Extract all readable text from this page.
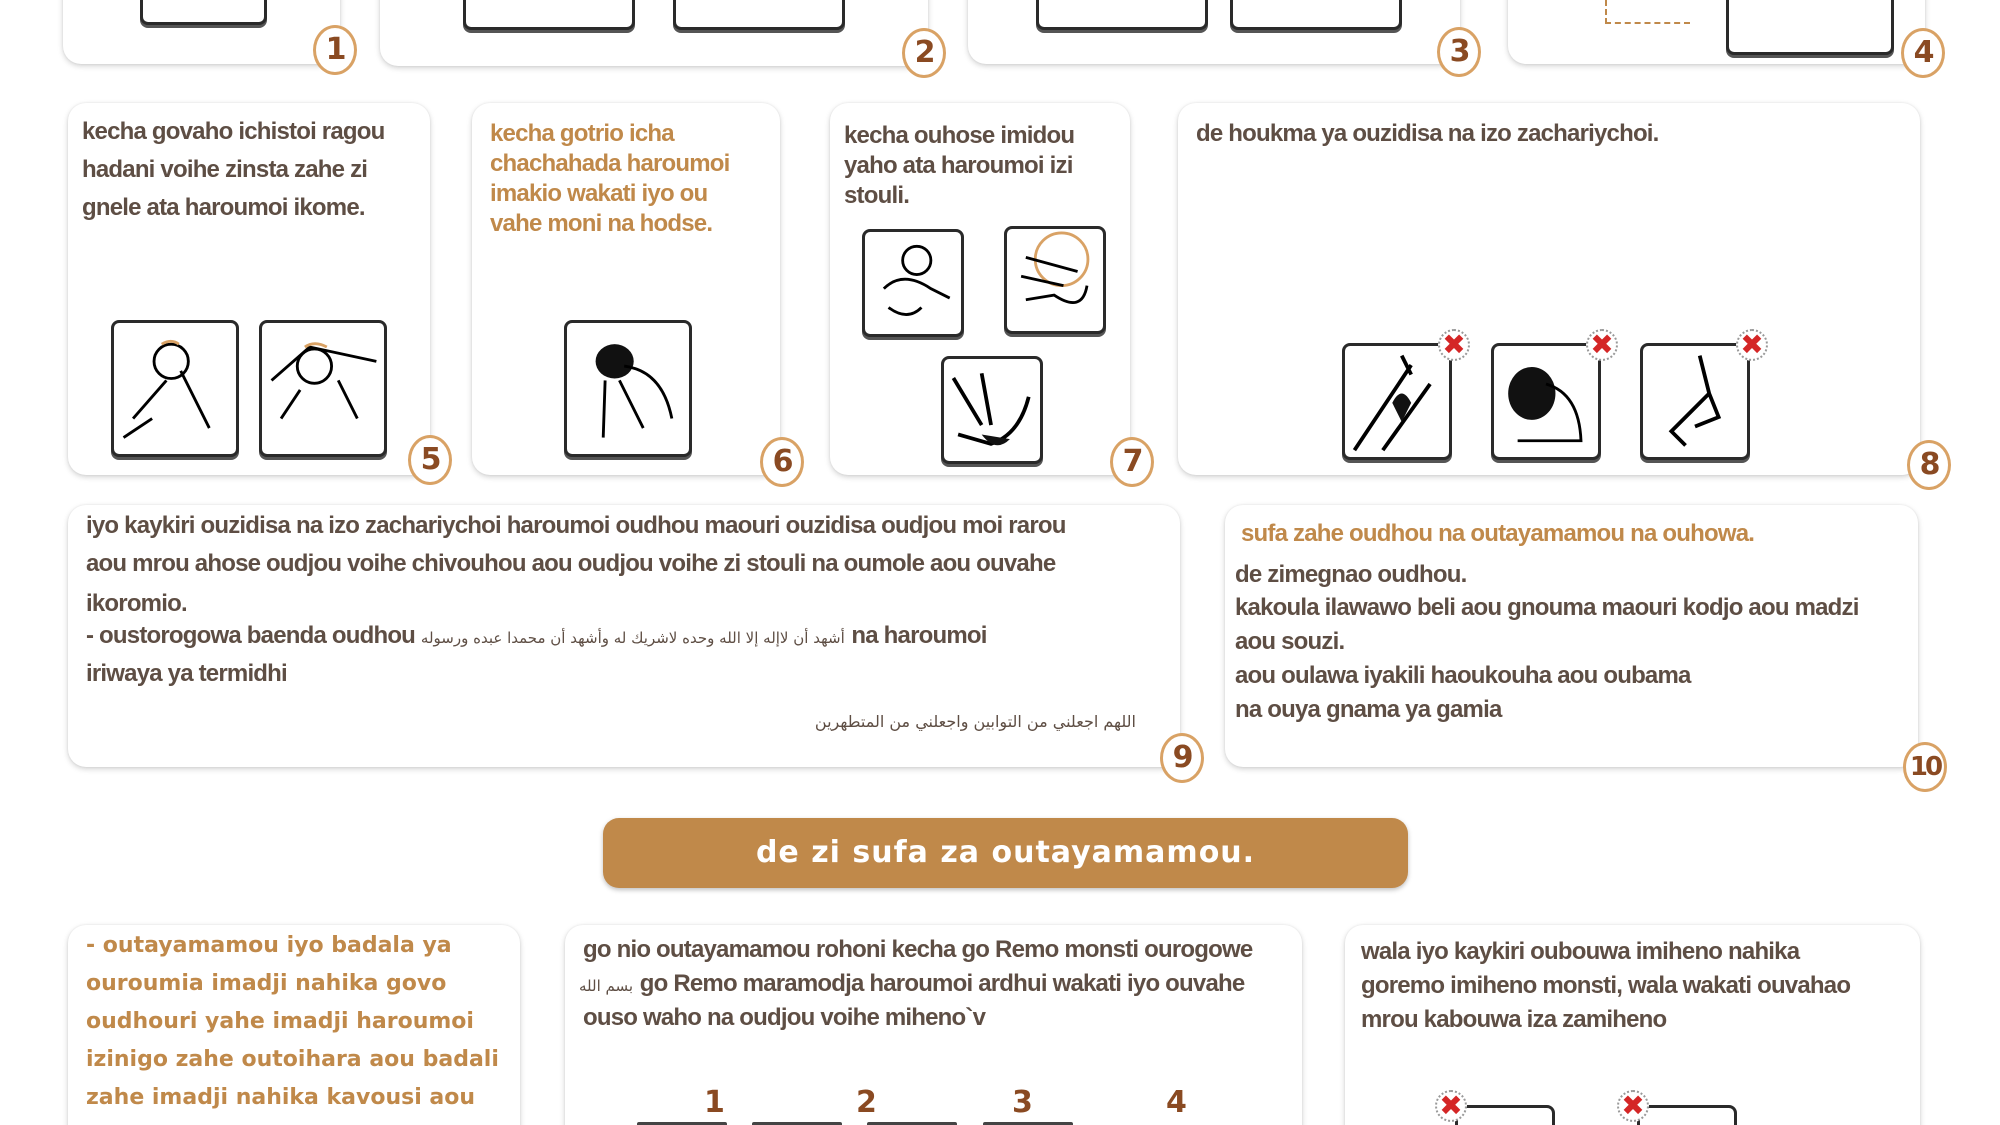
1	2	3	4
kecha govaho ichistoi ragou hadani voihe zinsta zahe zi gnele ata haroumoi ikome.
5
kecha gotrio icha chachahada haroumoi imakio wakati iyo ou vahe moni na hodse.
6
kecha ouhose imidou yaho ata haroumoi izi stouli.
7
de houkma ya ouzidisa na izo zachariychoi.
✖	✖	✖
8
iyo kaykiri ouzidisa na izo zachariychoi haroumoi oudhou maouri ouzidisa oudjou moi rarou
aou mrou ahose oudjou voihe chivouhou aou oudjou voihe zi stouli na oumole aou ouvahe
ikoromio.
- oustorogowa baenda oudhou أشهد أن لاإله إلا الله وحده لاشريك له وأشهد أن محمدا عبده ورسوله na haroumoi
iriwaya ya termidhi
اللهم اجعلني من التوابين واجعلني من المتطهرين
9
sufa zahe oudhou na outayamamou na ouhowa.
de zimegnao oudhou.
kakoula ilawawo beli aou gnouma maouri kodjo aou madzi
aou souzi.
aou oulawa iyakili haoukouha aou oubama
na ouya gnama ya gamia
10
de zi sufa za outayamamou.
- outayamamou iyo badala ya
ouroumia imadji nahika govo
oudhouri yahe imadji haroumoi
izinigo zahe outoihara aou badali
zahe imadji nahika kavousi aou
go nio outayamamou rohoni kecha go Remo monsti ourogowe
بسم الله go Remo maramodja haroumoi ardhui wakati iyo ouvahe
ouso waho na oudjou voihe miheno`v
1	2	3	4
wala iyo kaykiri oubouwa imiheno nahika
goremo imiheno monsti, wala wakati ouvahao
mrou kabouwa iza zamiheno
✖	✖
